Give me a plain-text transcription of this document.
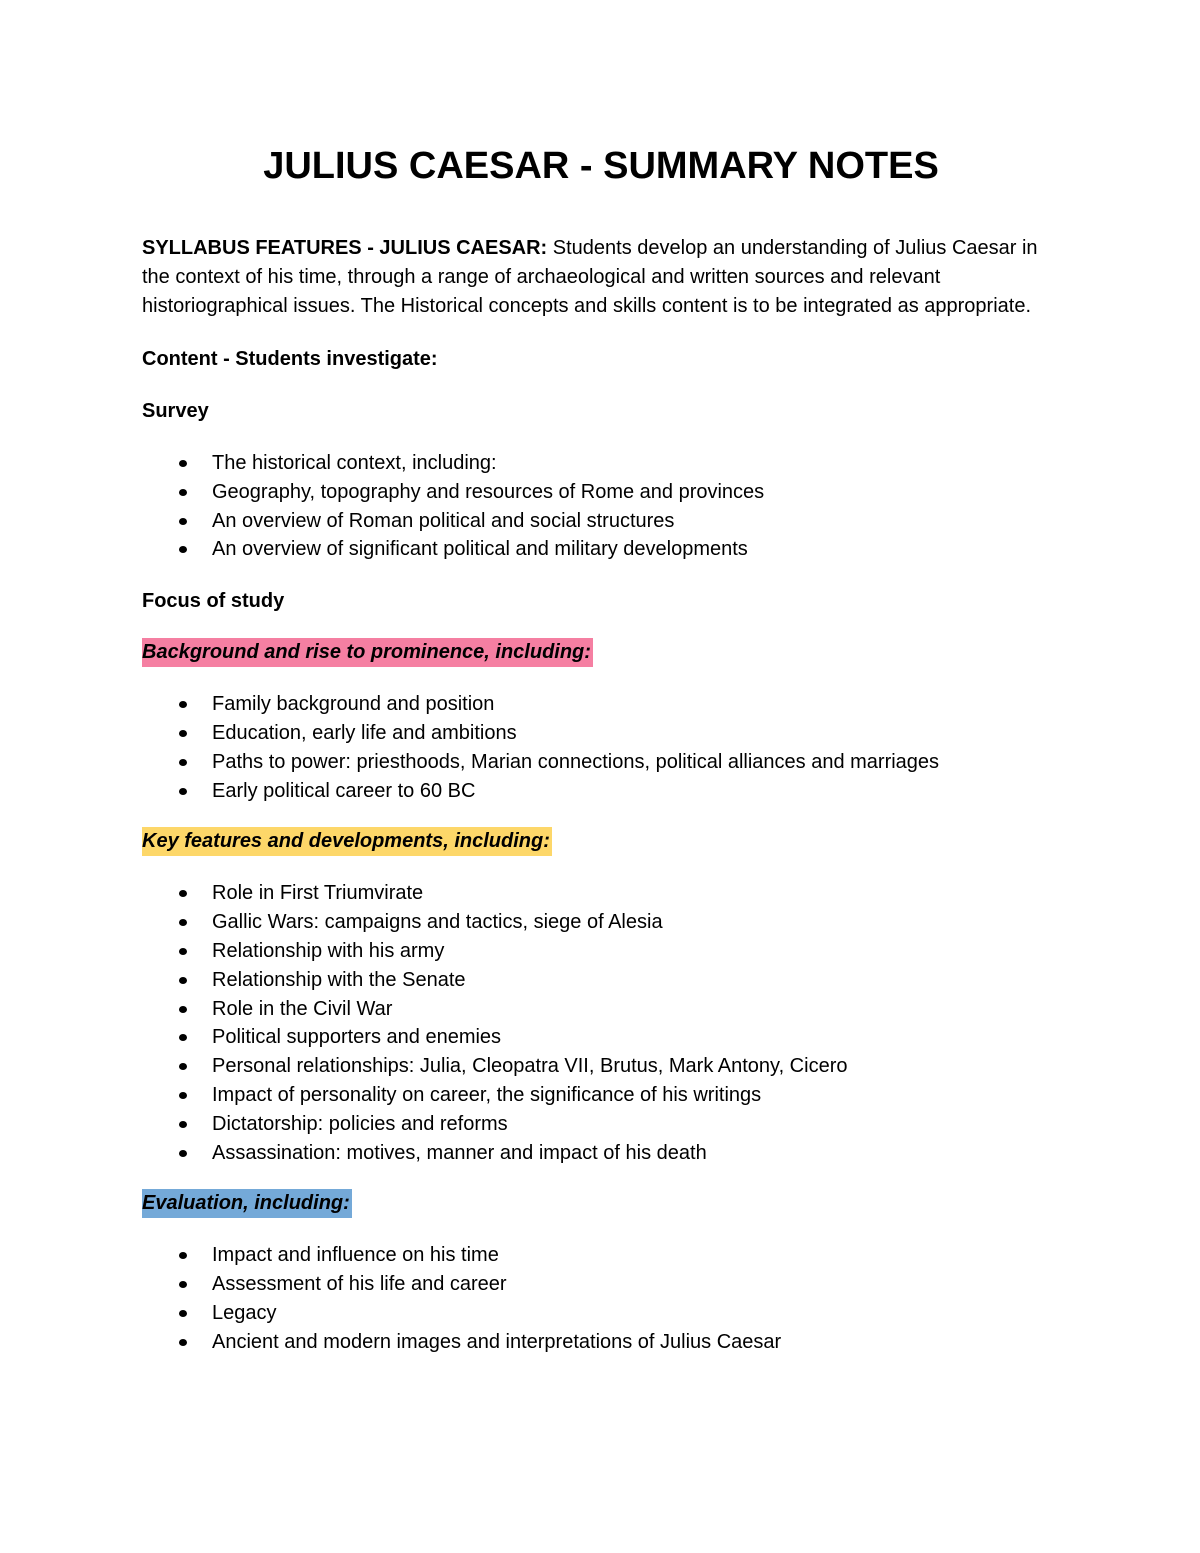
JULIUS CAESAR - SUMMARY NOTES

SYLLABUS FEATURES - JULIUS CAESAR: Students develop an understanding of Julius Caesar in the context of his time, through a range of archaeological and written sources and relevant historiographical issues. The Historical concepts and skills content is to be integrated as appropriate.

Content - Students investigate:
Survey
The historical context, including:
Geography, topography and resources of Rome and provinces
An overview of Roman political and social structures
An overview of significant political and military developments
Focus of study
Background and rise to prominence, including:
Family background and position
Education, early life and ambitions
Paths to power: priesthoods, Marian connections, political alliances and marriages
Early political career to 60 BC
Key features and developments, including:
Role in First Triumvirate
Gallic Wars: campaigns and tactics, siege of Alesia
Relationship with his army
Relationship with the Senate
Role in the Civil War
Political supporters and enemies
Personal relationships: Julia, Cleopatra VII, Brutus, Mark Antony, Cicero
Impact of personality on career, the significance of his writings
Dictatorship: policies and reforms
Assassination: motives, manner and impact of his death
Evaluation, including:
Impact and influence on his time
Assessment of his life and career
Legacy
Ancient and modern images and interpretations of Julius Caesar
